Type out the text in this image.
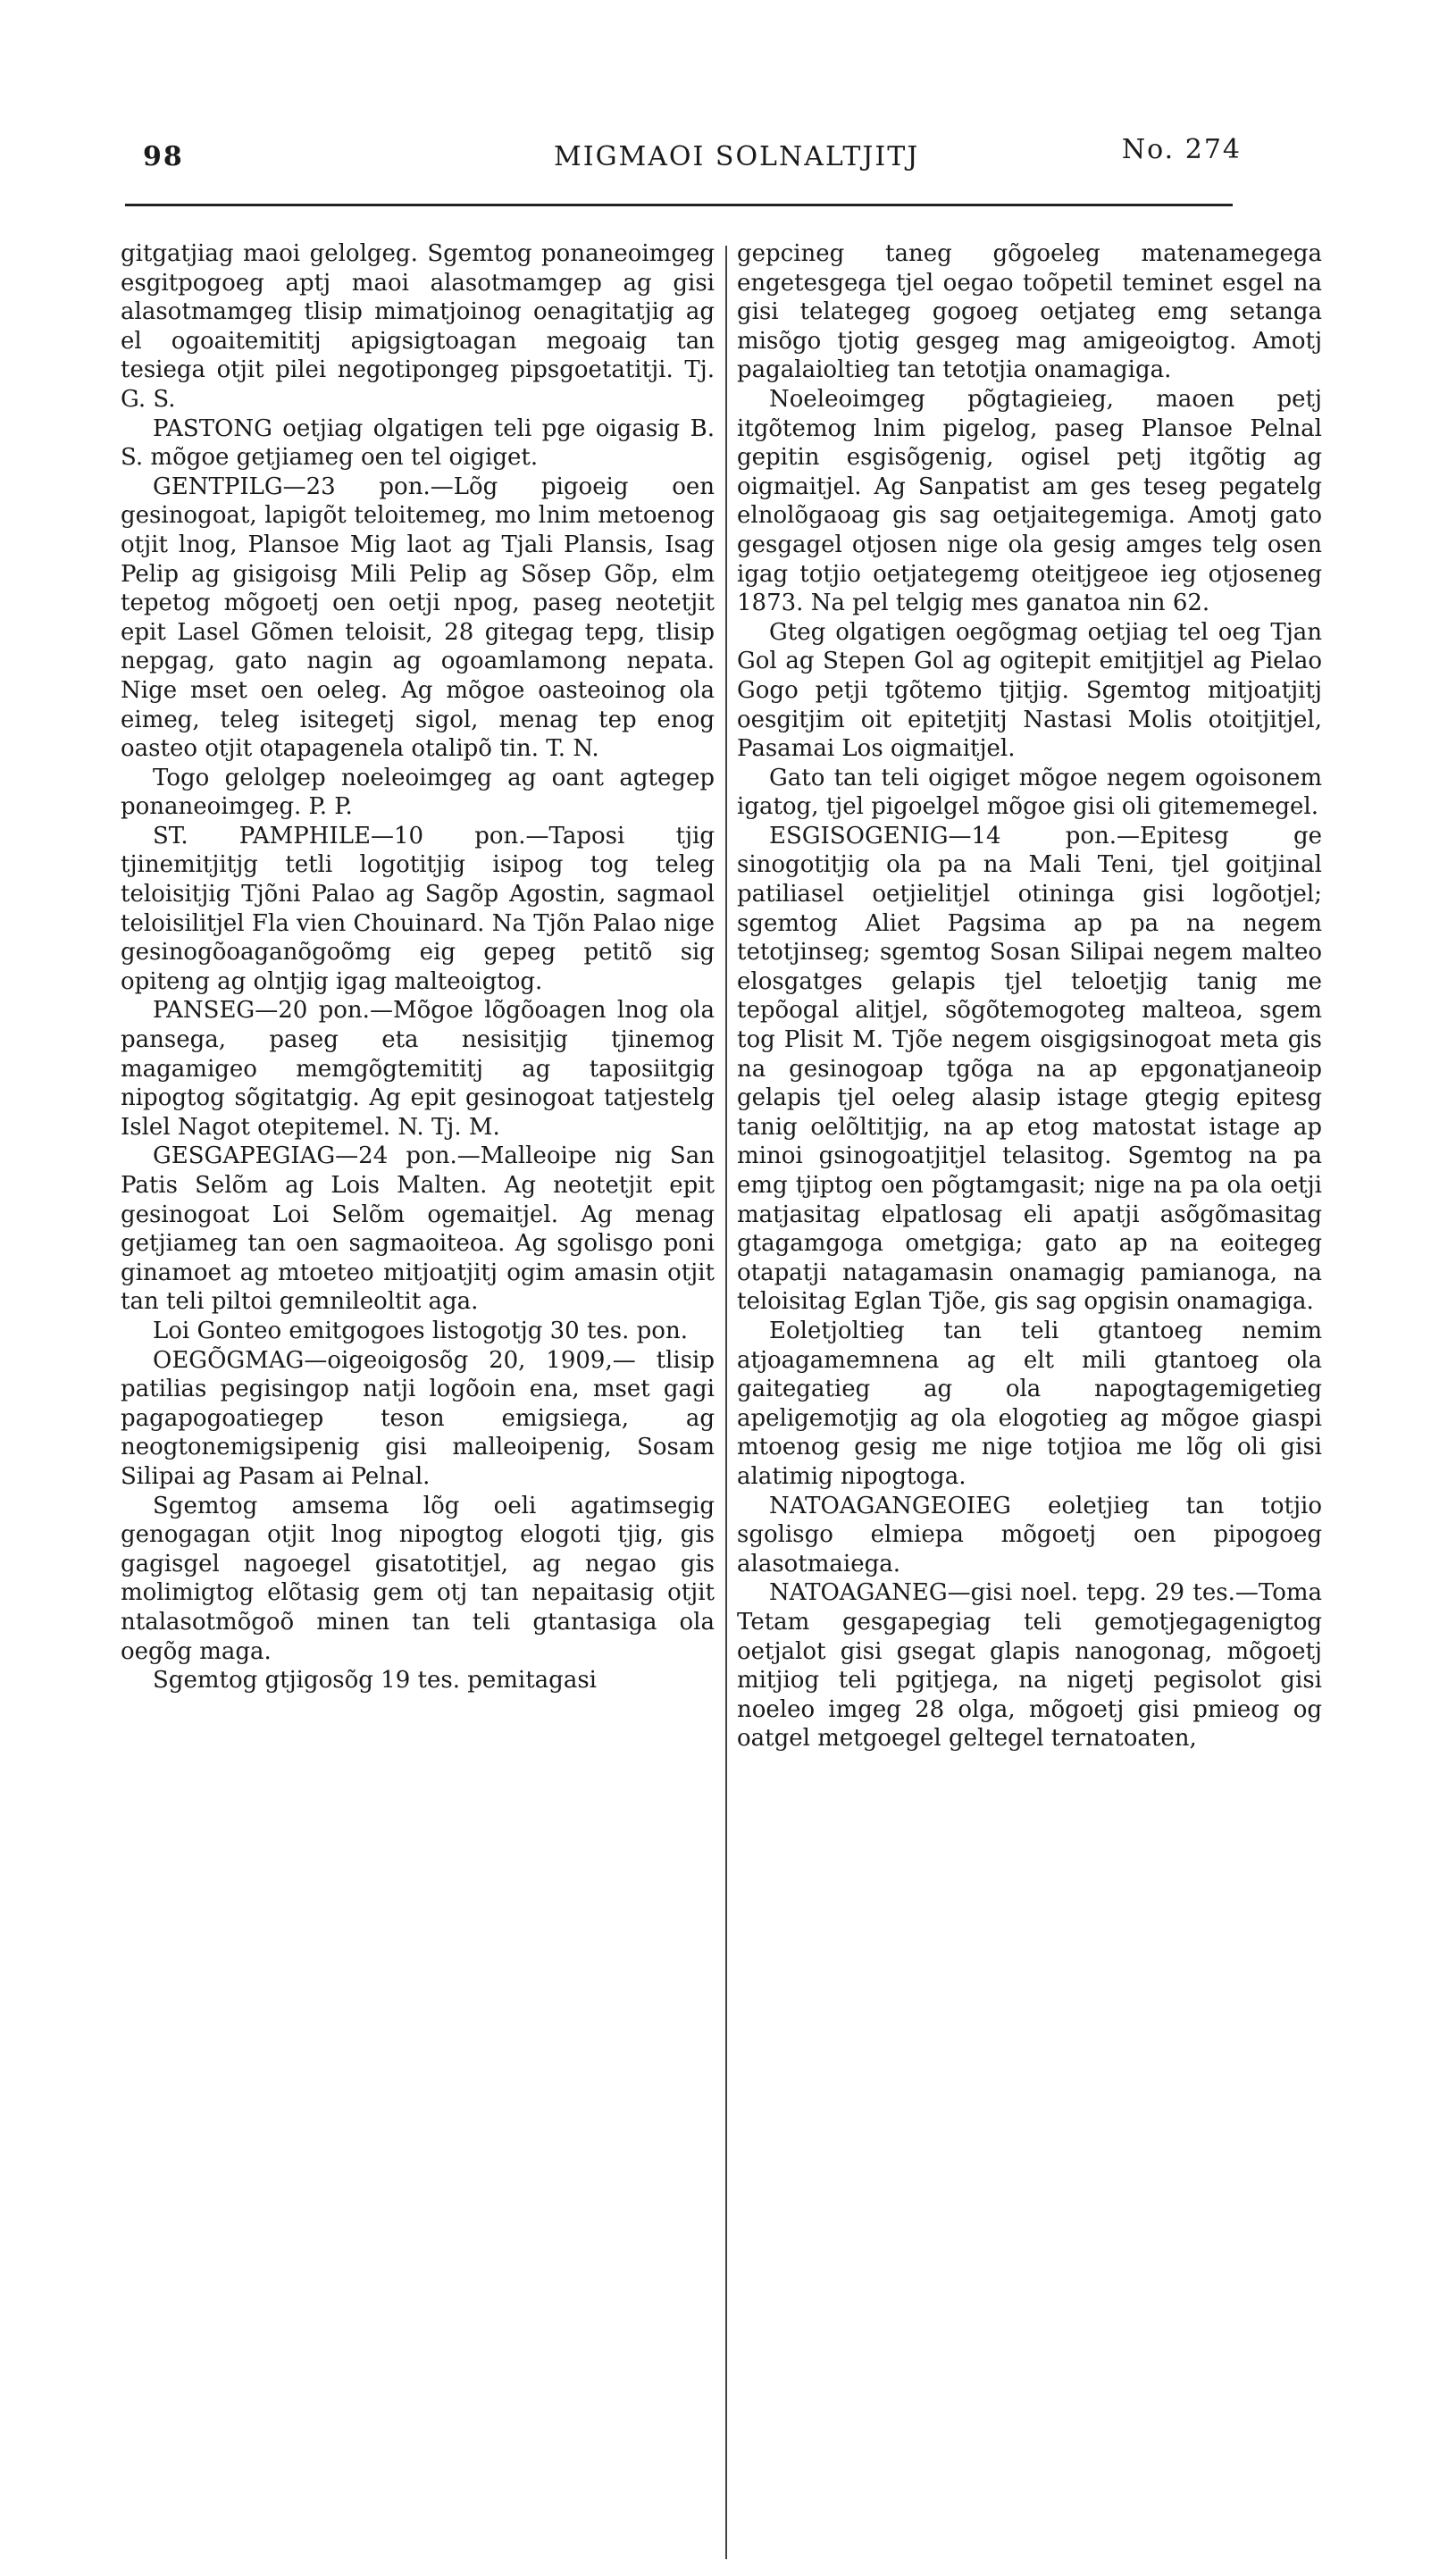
98	MIGMAOI SOLNALTJITJ	No. 274

gitgatjiag maoi gelolgeg. Sgemtog ponaneoimgeg esgitpogoeg aptj maoi alasotmamgep ag gisi alasotmamgeg tlisip mimatjoinog oenagitatjig ag el ogoaitemititj apigsigtoagan megoaig tan tesiega otjit pilei negotipongeg pipsgoetatitji. Tj. G. S.

PASTONG oetjiag olgatigen teli pge oigasig B. S. mõgoe getjiameg oen tel oigiget.

GENTPILG—23 pon.—Lõg pigoeig oen gesinogoat, lapigõt teloitemeg, mo lnim metoenog otjit lnog, Plansoe Mig laot ag Tjali Plansis, Isag Pelip ag gisigoisg Mili Pelip ag Sõsep Gõp, elm tepetog mõgoetj oen oetji npog, paseg neotetjit epit Lasel Gõmen teloisit, 28 gitegag tepg, tlisip nepgag, gato nagin ag ogoamlamong nepata. Nige mset oen oeleg. Ag mõgoe oasteoinog ola eimeg, teleg isitegetj sigol, menag tep enog oasteo otjit otapagenela otalipõ tin. T. N.

Togo gelolgep noeleoimgeg ag oant agtegep ponaneoimgeg. P. P.

ST. PAMPHILE—10 pon.—Taposi tjig tjinemitjitjg tetli logotitjig isipog tog teleg teloisitjig Tjõni Palao ag Sagõp Agostin, sagmaol teloisilitjel Fla vien Chouinard. Na Tjõn Palao nige gesinogõoaganõgoõmg eig gepeg petitõ sig opiteng ag olntjig igag malteoigtog.

PANSEG—20 pon.—Mõgoe lõgõoagen lnog ola pansega, paseg eta nesisitjig tjinemog magamigeo memgõgtemititj ag taposiitgig nipogtog sõgitatgig. Ag epit gesinogoat tatjestelg Islel Nagot otepitemel. N. Tj. M.

GESGAPEGIAG—24 pon.—Malleoipe nig San Patis Selõm ag Lois Malten. Ag neotetjit epit gesinogoat Loi Selõm ogemaitjel. Ag menag getjiameg tan oen sagmaoiteoa. Ag sgolisgo poni ginamoet ag mtoeteo mitjoatjitj ogim amasin otjit tan teli piltoi gemnileoltit aga.

Loi Gonteo emitgogoes listogotjg 30 tes. pon.

OEGÕGMAG—oigeoigosõg 20, 1909,— tlisip patilias pegisingop natji logõoin ena, mset gagi pagapogoatiegep teson emigsiega, ag neogtonemigsipenig gisi malleoipenig, Sosam Silipai ag Pasam ai Pelnal.

Sgemtog amsema lõg oeli agatimsegig genogagan otjit lnog nipogtog elogoti tjig, gis gagisgel nagoegel gisatotitjel, ag negao gis molimigtog elõtasig gem otj tan nepaitasig otjit ntalasotmõgoõ minen tan teli gtantasiga ola oegõg maga.

Sgemtog gtjigosõg 19 tes. pemitagasi

gepcineg taneg gõgoeleg matenamegega engetesgega tjel oegao toõpetil teminet esgel na gisi telategeg gogoeg oetjateg emg setanga misõgo tjotig gesgeg mag amigeoigtog. Amotj pagalaioltieg tan tetotjia onamagiga.

Noeleoimgeg põgtagieieg, maoen petj itgõtemog lnim pigelog, paseg Plansoe Pelnal gepitin esgisõgenig, ogisel petj itgõtig ag oigmaitjel. Ag Sanpatist am ges teseg pegatelg elnolõgaoag gis sag oetjaitegemiga. Amotj gato gesgagel otjosen nige ola gesig amges telg osen igag totjio oetjategemg oteitjgeoe ieg otjoseneg 1873. Na pel telgig mes ganatoa nin 62.

Gteg olgatigen oegõgmag oetjiag tel oeg Tjan Gol ag Stepen Gol ag ogitepit emitjitjel ag Pielao Gogo petji tgõtemo tjitjig. Sgemtog mitjoatjitj oesgitjim oit epitetjitj Nastasi Molis otoitjitjel, Pasamai Los oigmaitjel.

Gato tan teli oigiget mõgoe negem ogoisonem igatog, tjel pigoelgel mõgoe gisi oli gitememegel.

ESGISOGENIG—14 pon.—Epitesg ge sinogotitjig ola pa na Mali Teni, tjel goitjinal patiliasel oetjielitjel otininga gisi logõotjel; sgemtog Aliet Pagsima ap pa na negem tetotjinseg; sgemtog Sosan Silipai negem malteo elosgatges gelapis tjel teloetjig tanig me tepõogal alitjel, sõgõtemogoteg malteoa, sgem tog Plisit M. Tjõe negem oisgigsinogoat meta gis na gesinogoap tgõga na ap epgonatjaneoip gelapis tjel oeleg alasip istage gtegig epitesg tanig oelõltitjig, na ap etog matostat istage ap minoi gsinogoatjitjel telasitog. Sgemtog na pa emg tjiptog oen põgtamgasit; nige na pa ola oetji matjasitag elpatlosag eli apatji asõgõmasitag gtagamgoga ometgiga; gato ap na eoitegeg otapatji natagamasin onamagig pamianoga, na teloisitag Eglan Tjõe, gis sag opgisin onamagiga.

Eoletjoltieg tan teli gtantoeg nemim atjoagamemnena ag elt mili gtantoeg ola gaitegatieg ag ola napogtagemigetieg apeligemotjig ag ola elogotieg ag mõgoe giaspi mtoenog gesig me nige totjioa me lõg oli gisi alatimig nipogtoga.

NATOAGANGEOIEG eoletjieg tan totjio sgolisgo elmiepa mõgoetj oen pipogoeg alasotmaiega.

NATOAGANEG—gisi noel. tepg. 29 tes.—Toma Tetam gesgapegiag teli gemotjegagenigtog oetjalot gisi gsegat glapis nanogonag, mõgoetj mitjiog teli pgitjega, na nigetj pegisolot gisi noeleo imgeg 28 olga, mõgoetj gisi pmieog og oatgel metgoegel geltegel ternatoaten,
